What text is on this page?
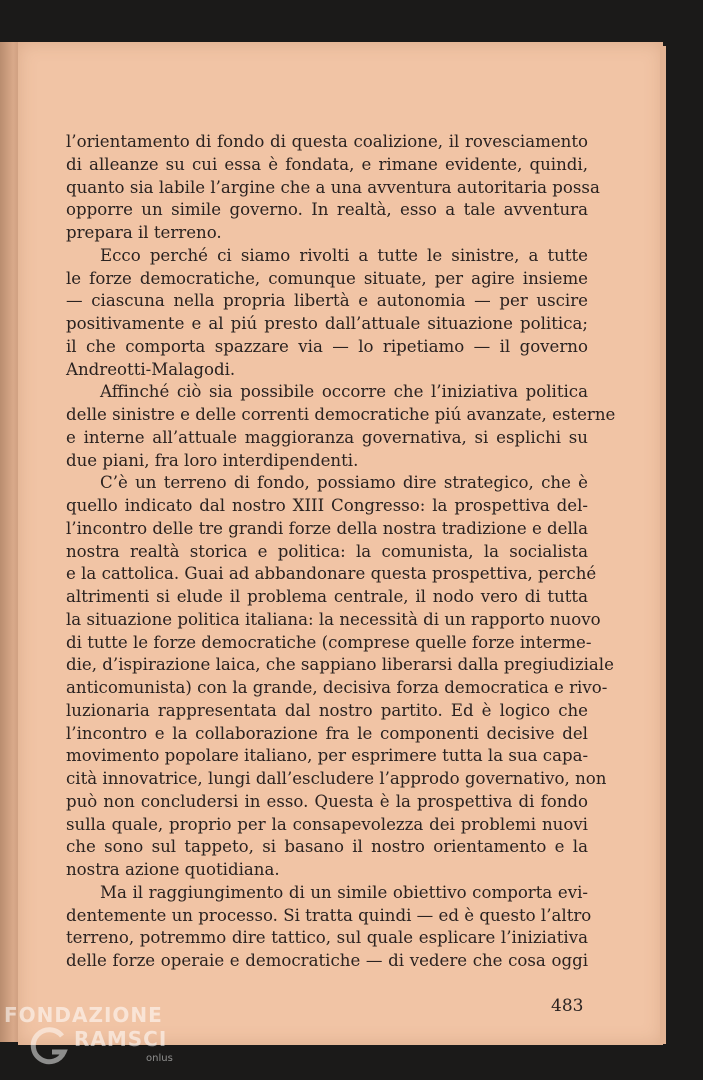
l’orientamento di fondo di questa coalizione, il rovesciamento
di alleanze su cui essa è fondata, e rimane evidente, quindi,
quanto sia labile l’argine che a una avventura autoritaria possa
opporre un simile governo. In realtà, esso a tale avventura
prepara il terreno.
Ecco perché ci siamo rivolti a tutte le sinistre, a tutte
le forze democratiche, comunque situate, per agire insieme
— ciascuna nella propria libertà e autonomia — per uscire
positivamente e al piú presto dall’attuale situazione politica;
il che comporta spazzare via — lo ripetiamo — il governo
Andreotti-Malagodi.
Affinché ciò sia possibile occorre che l’iniziativa politica
delle sinistre e delle correnti democratiche piú avanzate, esterne
e interne all’attuale maggioranza governativa, si esplichi su
due piani, fra loro interdipendenti.
C’è un terreno di fondo, possiamo dire strategico, che è
quello indicato dal nostro XIII Congresso: la prospettiva del-
l’incontro delle tre grandi forze della nostra tradizione e della
nostra realtà storica e politica: la comunista, la socialista
e la cattolica. Guai ad abbandonare questa prospettiva, perché
altrimenti si elude il problema centrale, il nodo vero di tutta
la situazione politica italiana: la necessità di un rapporto nuovo
di tutte le forze democratiche (comprese quelle forze interme-
die, d’ispirazione laica, che sappiano liberarsi dalla pregiudiziale
anticomunista) con la grande, decisiva forza democratica e rivo-
luzionaria rappresentata dal nostro partito. Ed è logico che
l’incontro e la collaborazione fra le componenti decisive del
movimento popolare italiano, per esprimere tutta la sua capa-
cità innovatrice, lungi dall’escludere l’approdo governativo, non
può non concludersi in esso. Questa è la prospettiva di fondo
sulla quale, proprio per la consapevolezza dei problemi nuovi
che sono sul tappeto, si basano il nostro orientamento e la
nostra azione quotidiana.
Ma il raggiungimento di un simile obiettivo comporta evi-
dentemente un processo. Si tratta quindi — ed è questo l’altro
terreno, potremmo dire tattico, sul quale esplicare l’iniziativa
delle forze operaie e democratiche — di vedere che cosa oggi
483
FONDAZIONE
RAMSCI
onlus
